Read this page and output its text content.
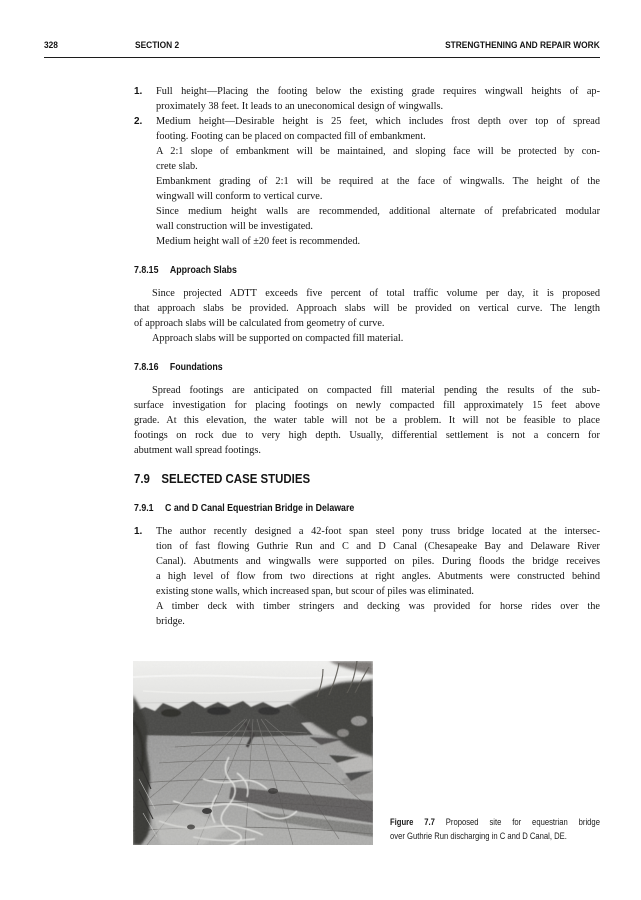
328	SECTION 2	STRENGTHENING AND REPAIR WORK
1. Full height—Placing the footing below the existing grade requires wingwall heights of ap-
proximately 38 feet. It leads to an uneconomical design of wingwalls.
2. Medium height—Desirable height is 25 feet, which includes frost depth over top of spread
footing. Footing can be placed on compacted fill of embankment.
A 2:1 slope of embankment will be maintained, and sloping face will be protected by con-
crete slab.
Embankment grading of 2:1 will be required at the face of wingwalls. The height of the
wingwall will conform to vertical curve.
Since medium height walls are recommended, additional alternate of prefabricated modular
wall construction will be investigated.
Medium height wall of ±20 feet is recommended.
7.8.15 Approach Slabs
Since projected ADTT exceeds five percent of total traffic volume per day, it is proposed
that approach slabs be provided. Approach slabs will be provided on vertical curve. The length
of approach slabs will be calculated from geometry of curve.
Approach slabs will be supported on compacted fill material.
7.8.16 Foundations
Spread footings are anticipated on compacted fill material pending the results of the sub-
surface investigation for placing footings on newly compacted fill approximately 15 feet above
grade. At this elevation, the water table will not be a problem. It will not be feasible to place
footings on rock due to very high depth. Usually, differential settlement is not a concern for
abutment wall spread footings.
7.9 SELECTED CASE STUDIES
7.9.1 C and D Canal Equestrian Bridge in Delaware
1. The author recently designed a 42-foot span steel pony truss bridge located at the intersec-
tion of fast flowing Guthrie Run and C and D Canal (Chesapeake Bay and Delaware River
Canal). Abutments and wingwalls were supported on piles. During floods the bridge receives
a high level of flow from two directions at right angles. Abutments were constructed behind
existing stone walls, which increased span, but scour of piles was eliminated.
A timber deck with timber stringers and decking was provided for horse rides over the
bridge.
Figure 7.7 Proposed site for equestrian bridge
over Guthrie Run discharging in C and D Canal, DE.
